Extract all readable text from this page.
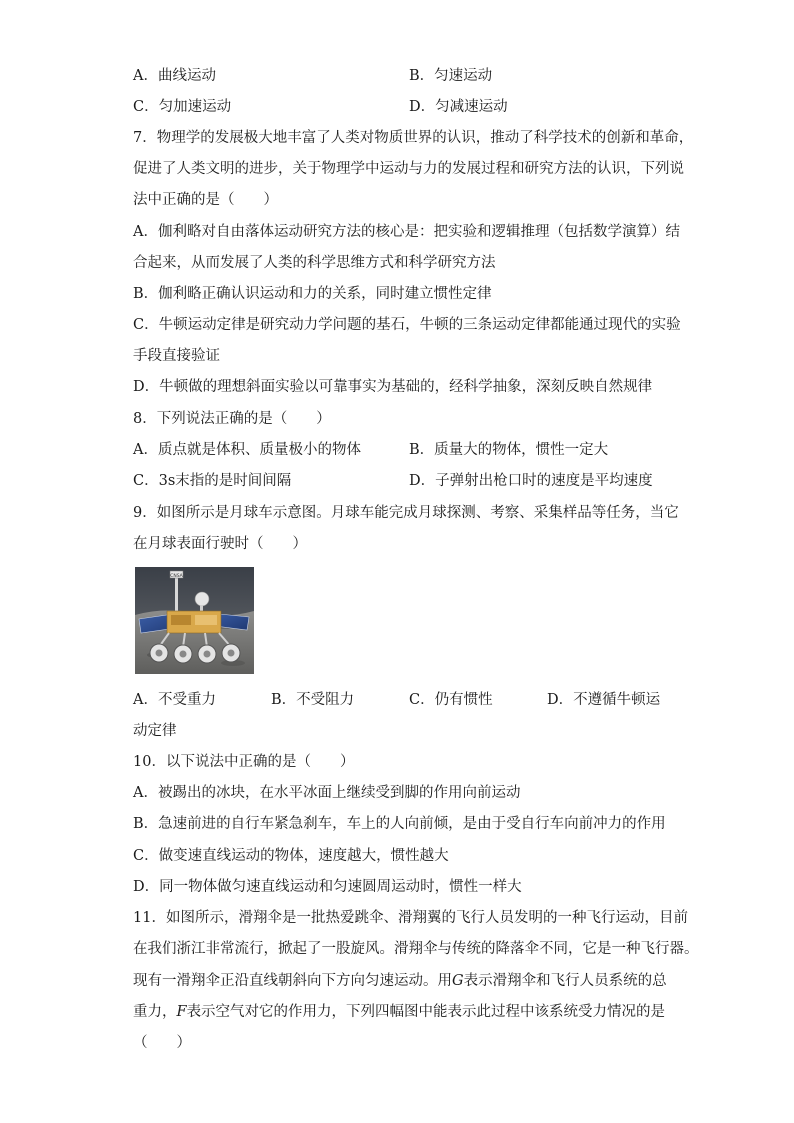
A．曲线运动	B．匀速运动
C．匀加速运动	D．匀减速运动
7．物理学的发展极大地丰富了人类对物质世界的认识，推动了科学技术的创新和革命，
促进了人类文明的进步，关于物理学中运动与力的发展过程和研究方法的认识，下列说
法中正确的是（　　）
A．伽利略对自由落体运动研究方法的核心是：把实验和逻辑推理（包括数学演算）结
合起来，从而发展了人类的科学思维方式和科学研究方法
B．伽利略正确认识运动和力的关系，同时建立惯性定律
C．牛顿运动定律是研究动力学问题的基石，牛顿的三条运动定律都能通过现代的实验
手段直接验证
D．牛顿做的理想斜面实验以可靠事实为基础的，经科学抽象，深刻反映自然规律
8．下列说法正确的是（　　）
A．质点就是体积、质量极小的物体	B．质量大的物体，惯性一定大
C．3s末指的是时间间隔	D．子弹射出枪口时的速度是平均速度
9．如图所示是月球车示意图。月球车能完成月球探测、考察、采集样品等任务，当它
在月球表面行驶时（　　）
CNSA
A．不受重力	B．不受阻力	C．仍有惯性	D．不遵循牛顿运
动定律
10．以下说法中正确的是（　　）
A．被踢出的冰块，在水平冰面上继续受到脚的作用向前运动
B．急速前进的自行车紧急刹车，车上的人向前倾，是由于受自行车向前冲力的作用
C．做变速直线运动的物体，速度越大，惯性越大
D．同一物体做匀速直线运动和匀速圆周运动时，惯性一样大
11．如图所示，滑翔伞是一批热爱跳伞、滑翔翼的飞行人员发明的一种飞行运动，目前
在我们浙江非常流行，掀起了一股旋风。滑翔伞与传统的降落伞不同，它是一种飞行器。
现有一滑翔伞正沿直线朝斜向下方向匀速运动。用G表示滑翔伞和飞行人员系统的总
重力，F表示空气对它的作用力，下列四幅图中能表示此过程中该系统受力情况的是
（　　）
